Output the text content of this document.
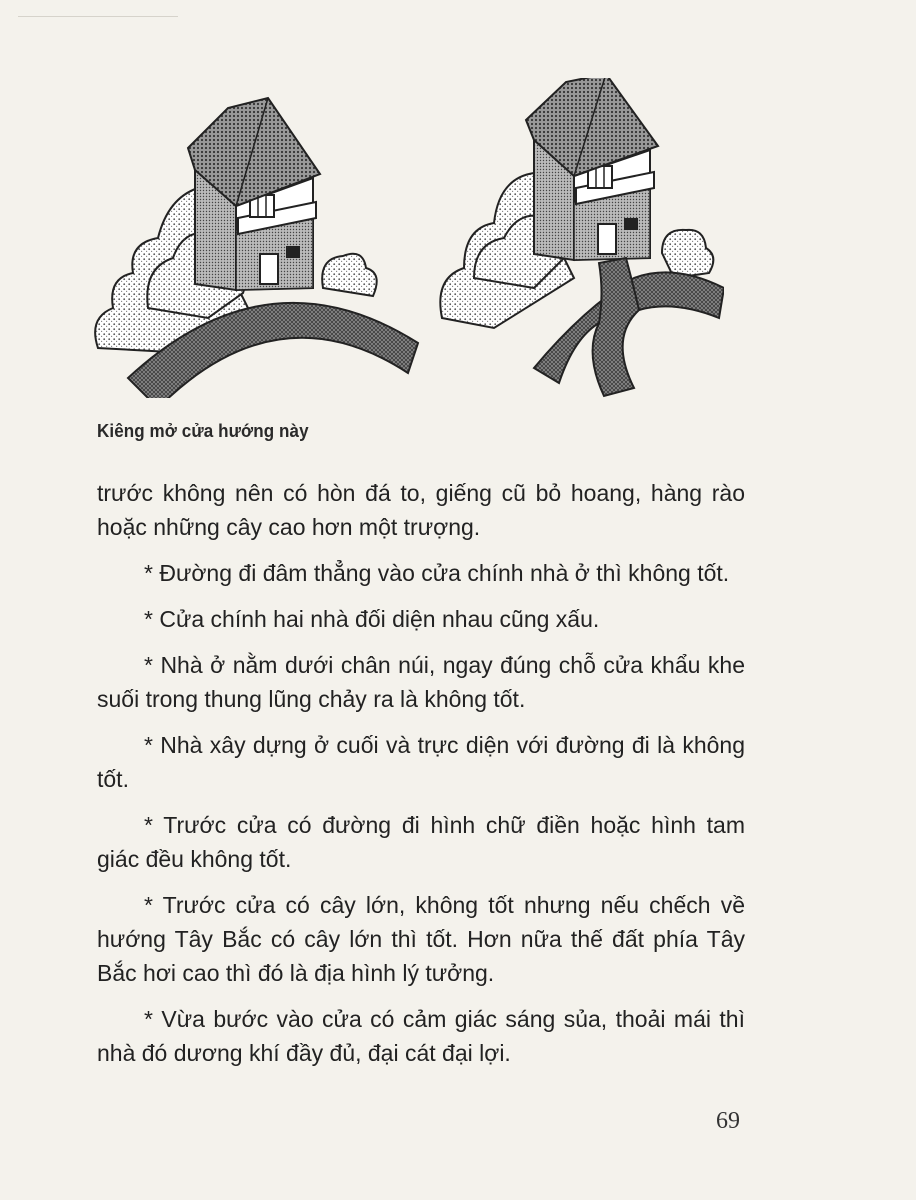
Kiêng mở cửa hướng này

trước không nên có hòn đá to, giếng cũ bỏ hoang, hàng rào hoặc những cây cao hơn một trượng.

* Đường đi đâm thẳng vào cửa chính nhà ở thì không tốt.

* Cửa chính hai nhà đối diện nhau cũng xấu.

* Nhà ở nằm dưới chân núi, ngay đúng chỗ cửa khẩu khe suối trong thung lũng chảy ra là không tốt.

* Nhà xây dựng ở cuối và trực diện với đường đi là không tốt.

* Trước cửa có đường đi hình chữ điền hoặc hình tam giác đều không tốt.

* Trước cửa có cây lớn, không tốt nhưng nếu chếch về hướng Tây Bắc có cây lớn thì tốt. Hơn nữa thế đất phía Tây Bắc hơi cao thì đó là địa hình lý tưởng.

* Vừa bước vào cửa có cảm giác sáng sủa, thoải mái thì nhà đó dương khí đầy đủ, đại cát đại lợi.

69
